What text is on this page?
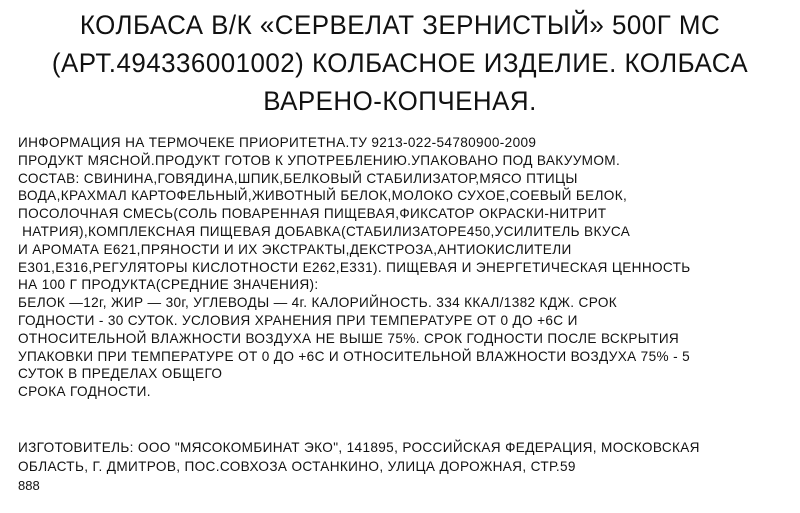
КОЛБАСА В/К «СЕРВЕЛАТ ЗЕРНИСТЫЙ» 500Г МС
(АРТ.494336001002) КОЛБАСНОЕ ИЗДЕЛИЕ. КОЛБАСА
ВАРЕНО-КОПЧЕНАЯ.
ИНФОРМАЦИЯ НА ТЕРМОЧЕКЕ ПРИОРИТЕТНА.ТУ 9213-022-54780900-2009
ПРОДУКТ МЯСНОЙ.ПРОДУКТ ГОТОВ К УПОТРЕБЛЕНИЮ.УПАКОВАНО ПОД ВАКУУМОМ.
СОСТАВ: СВИНИНА,ГОВЯДИНА,ШПИК,БЕЛКОВЫЙ СТАБИЛИЗАТОР,МЯСО ПТИЦЫ
ВОДА,КРАХМАЛ КАРТОФЕЛЬНЫЙ,ЖИВОТНЫЙ БЕЛОК,МОЛОКО СУХОЕ,СОЕВЫЙ БЕЛОК,
ПОСОЛОЧНАЯ СМЕСЬ(СОЛЬ ПОВАРЕННАЯ ПИЩЕВАЯ,ФИКСАТОР ОКРАСКИ-НИТРИТ
НАТРИЯ),КОМПЛЕКСНАЯ ПИЩЕВАЯ ДОБАВКА(СТАБИЛИЗАТОРЕ450,УСИЛИТЕЛЬ ВКУСА
И АРОМАТА Е621,ПРЯНОСТИ И ИХ ЭКСТРАКТЫ,ДЕКСТРОЗА,АНТИОКИСЛИТЕЛИ
Е301,Е316,РЕГУЛЯТОРЫ КИСЛОТНОСТИ Е262,Е331). ПИЩЕВАЯ И ЭНЕРГЕТИЧЕСКАЯ ЦЕННОСТЬ
НА 100 Г ПРОДУКТА(СРЕДНИЕ ЗНАЧЕНИЯ):
БЕЛОК —12г, ЖИР — 30г, УГЛЕВОДЫ — 4г. КАЛОРИЙНОСТЬ. 334 ККАЛ/1382 КДЖ. СРОК
ГОДНОСТИ - 30 СУТОК. УСЛОВИЯ ХРАНЕНИЯ ПРИ ТЕМПЕРАТУРЕ ОТ 0 ДО +6С И
ОТНОСИТЕЛЬНОЙ ВЛАЖНОСТИ ВОЗДУХА НЕ ВЫШЕ 75%. СРОК ГОДНОСТИ ПОСЛЕ ВСКРЫТИЯ
УПАКОВКИ ПРИ ТЕМПЕРАТУРЕ ОТ 0 ДО +6С И ОТНОСИТЕЛЬНОЙ ВЛАЖНОСТИ ВОЗДУХА 75% - 5
СУТОК В ПРЕДЕЛАХ ОБЩЕГО
СРОКА ГОДНОСТИ.
ИЗГОТОВИТЕЛЬ: ООО "МЯСОКОМБИНАТ ЭКО", 141895, РОССИЙСКАЯ ФЕДЕРАЦИЯ, МОСКОВСКАЯ
ОБЛАСТЬ, Г. ДМИТРОВ, ПОС.СОВХОЗА ОСТАНКИНО, УЛИЦА ДОРОЖНАЯ, СТР.59
888
